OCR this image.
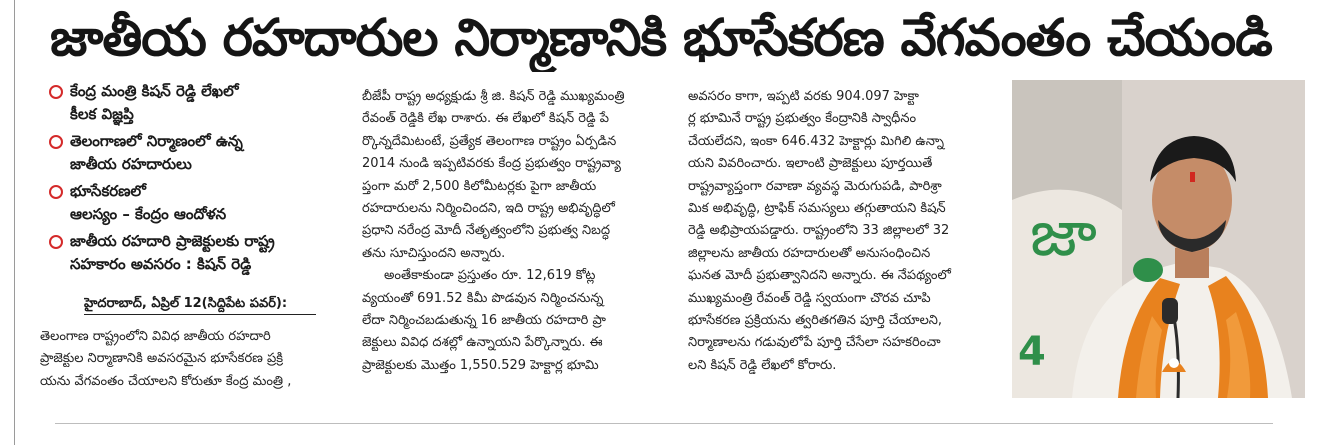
జాతీయ రహదారుల నిర్మాణానికి భూసేకరణ వేగవంతం చేయండి
కేంద్ర మంత్రి కిషన్ రెడ్డి లేఖలో
కీలక విజ్ఞప్తి
తెలంగాణలో నిర్మాణంలో ఉన్న
జాతీయ రహదారులు
భూసేకరణలో
ఆలస్యం – కేంద్రం ఆందోళన
జాతీయ రహదారి ప్రాజెక్టులకు రాష్ట్ర
సహకారం అవసరం : కిషన్ రెడ్డి
హైదరాబాద్, ఏప్రిల్ 12(సిద్దిపేట పవర్):

తెలంగాణ రాష్ట్రంలోని వివిధ జాతీయ రహదారి

ప్రాజెక్టుల నిర్మాణానికి అవసరమైన భూసేకరణ ప్రక్రి

యను వేగవంతం చేయాలని కోరుతూ కేంద్ర మంత్రి ,

బీజేపీ రాష్ట్ర అధ్యక్షుడు శ్రీ జి. కిషన్ రెడ్డి ముఖ్యమంత్రి

రేవంత్ రెడ్డికి లేఖ రాశారు. ఈ లేఖలో కిషన్ రెడ్డి పే

ర్కొన్నదేమిటంటే, ప్రత్యేక తెలంగాణ రాష్ట్రం ఏర్పడిన

2014 నుండి ఇప్పటివరకు కేంద్ర ప్రభుత్వం రాష్ట్రవ్యా

ప్తంగా మరో 2,500 కిలోమీటర్లకు పైగా జాతీయ

రహదారులను నిర్మించిందని, ఇది రాష్ట్ర అభివృద్ధిలో

ప్రధాని నరేంద్ర మోదీ నేతృత్వంలోని ప్రభుత్వ నిబద్ధ

తను సూచిస్తుందని అన్నారు.

అంతేకాకుండా ప్రస్తుతం రూ. 12,619 కోట్ల

వ్యయంతో 691.52 కిమీ పొడవున నిర్మించనున్న

లేదా నిర్మించబడుతున్న 16 జాతీయ రహదారి ప్రా

జెక్టులు వివిధ దశల్లో ఉన్నాయని పేర్కొన్నారు. ఈ

ప్రాజెక్టులకు మొత్తం 1,550.529 హెక్టార్ల భూమి

అవసరం కాగా, ఇప్పటి వరకు 904.097 హెక్టా

ర్ల భూమినే రాష్ట్ర ప్రభుత్వం కేంద్రానికి స్వాధీనం

చేయలేదని, ఇంకా 646.432 హెక్టార్లు మిగిలి ఉన్నా

యని వివరించారు. ఇలాంటి ప్రాజెక్టులు పూర్తయితే

రాష్ట్రవ్యాప్తంగా రవాణా వ్యవస్థ మెరుగుపడి, పారిశ్రా

మిక అభివృద్ధి, ట్రాఫిక్ సమస్యలు తగ్గుతాయని కిషన్

రెడ్డి అభిప్రాయపడ్డారు. రాష్ట్రంలోని 33 జిల్లాలలో 32

జిల్లాలను జాతీయ రహదారులతో అనుసంధించిన

ఘనత మోదీ ప్రభుత్వానిదని అన్నారు. ఈ నేపథ్యంలో

ముఖ్యమంత్రి రేవంత్ రెడ్డి స్వయంగా చొరవ చూపి

భూసేకరణ ప్రక్రియను త్వరితగతిన పూర్తి చేయాలని,

నిర్మాణాలను గడువులోపే పూర్తి చేసేలా సహకరించా

లని కిషన్ రెడ్డి లేఖలో కోరారు.

జా
4
